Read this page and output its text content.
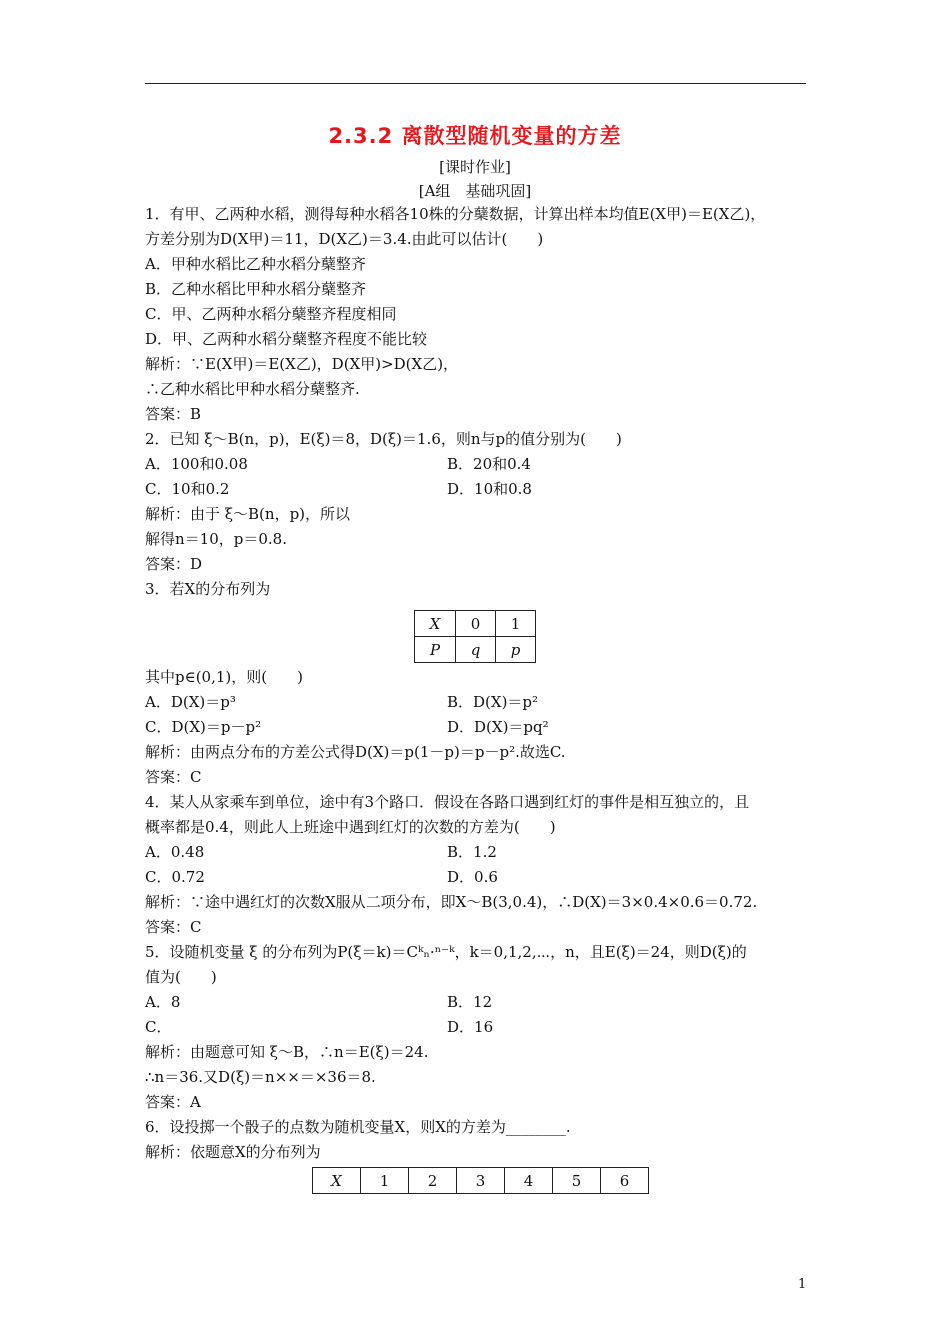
2.3.2 离散型随机变量的方差
[课时作业]
[A组　基础巩固]
1．有甲、乙两种水稻，测得每种水稻各10株的分蘖数据，计算出样本均值E(X甲)＝E(X乙)，
方差分别为D(X甲)＝11，D(X乙)＝3.4.由此可以估计(　　)
A．甲种水稻比乙种水稻分蘖整齐
B．乙种水稻比甲种水稻分蘖整齐
C．甲、乙两种水稻分蘖整齐程度相同
D．甲、乙两种水稻分蘖整齐程度不能比较
解析：∵E(X甲)＝E(X乙)，D(X甲)>D(X乙)，
∴乙种水稻比甲种水稻分蘖整齐.
答案：B
2．已知 ξ～B(n，p)，E(ξ)＝8，D(ξ)＝1.6，则n与p的值分别为(　　)
A．100和0.08	B．20和0.4
C．10和0.2	D．10和0.8
解析：由于 ξ～B(n，p)，所以
解得n＝10，p＝0.8.
答案：D
3．若X的分布列为
X	0	1
P	q	p
其中p∈(0,1)，则(　　)
A．D(X)＝p³	B．D(X)＝p²
C．D(X)＝p－p²	D．D(X)＝pq²
解析：由两点分布的方差公式得D(X)＝p(1－p)＝p－p².故选C.
答案：C
4．某人从家乘车到单位，途中有3个路口．假设在各路口遇到红灯的事件是相互独立的，且
概率都是0.4，则此人上班途中遇到红灯的次数的方差为(　　)
A．0.48	B．1.2
C．0.72	D．0.6
解析：∵途中遇红灯的次数X服从二项分布，即X～B(3,0.4)，∴D(X)＝3×0.4×0.6＝0.72.
答案：C
5．设随机变量 ξ 的分布列为P(ξ＝k)＝Cᵏₙ·ⁿ⁻ᵏ，k＝0,1,2,⋯，n，且E(ξ)＝24，则D(ξ)的
值为(　　)
A．8	B．12
C．	D．16
解析：由题意可知 ξ～B，∴n＝E(ξ)＝24.
∴n＝36.又D(ξ)＝n××＝×36＝8.
答案：A
6．设投掷一个骰子的点数为随机变量X，则X的方差为________.
解析：依题意X的分布列为
X	1	2	3	4	5	6
1
